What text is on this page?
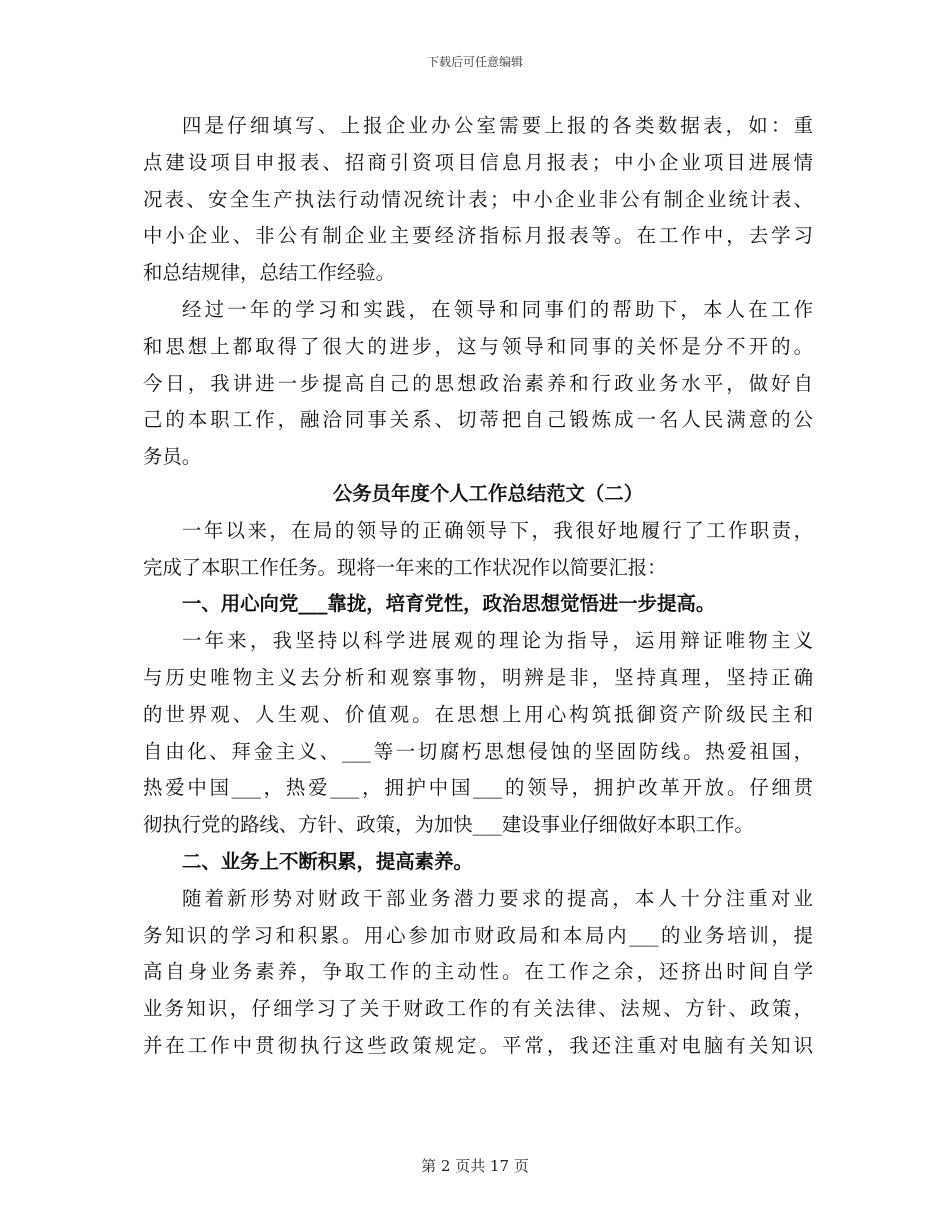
下载后可任意编辑
四是仔细填写、上报企业办公室需要上报的各类数据表，如：重
点建设项目申报表、招商引资项目信息月报表；中小企业项目进展情
况表、安全生产执法行动情况统计表；中小企业非公有制企业统计表、
中小企业、非公有制企业主要经济指标月报表等。在工作中，去学习
和总结规律，总结工作经验。
经过一年的学习和实践，在领导和同事们的帮助下，本人在工作
和思想上都取得了很大的进步，这与领导和同事的关怀是分不开的。
今日，我讲进一步提高自己的思想政治素养和行政业务水平，做好自
己的本职工作，融洽同事关系、切蒂把自己锻炼成一名人民满意的公
务员。
公务员年度个人工作总结范文（二）
一年以来，在局的领导的正确领导下，我很好地履行了工作职责，
完成了本职工作任务。现将一年来的工作状况作以简要汇报：
一、用心向党___靠拢，培育党性，政治思想觉悟进一步提高。
一年来，我坚持以科学进展观的理论为指导，运用辩证唯物主义
与历史唯物主义去分析和观察事物，明辨是非，坚持真理，坚持正确
的世界观、人生观、价值观。在思想上用心构筑抵御资产阶级民主和
自由化、拜金主义、___等一切腐朽思想侵蚀的坚固防线。热爱祖国，
热爱中国___，热爱___，拥护中国___的领导，拥护改革开放。仔细贯
彻执行党的路线、方针、政策，为加快___建设事业仔细做好本职工作。
二、业务上不断积累，提高素养。
随着新形势对财政干部业务潜力要求的提高，本人十分注重对业
务知识的学习和积累。用心参加市财政局和本局内___的业务培训，提
高自身业务素养，争取工作的主动性。在工作之余，还挤出时间自学
业务知识，仔细学习了关于财政工作的有关法律、法规、方针、政策，
并在工作中贯彻执行这些政策规定。平常，我还注重对电脑有关知识
第 2 页共 17 页
